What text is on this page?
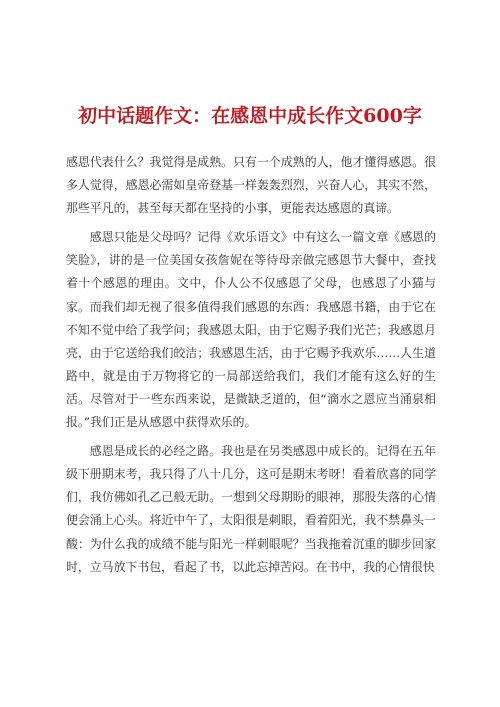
初中话题作文：在感恩中成长作文600字

感恩代表什么？我觉得是成熟。只有一个成熟的人，他才懂得感恩。很多人觉得，感恩必需如皇帝登基一样轰轰烈烈，兴奋人心，其实不然，那些平凡的，甚至每天都在坚持的小事，更能表达感恩的真谛。

感恩只能是父母吗？记得《欢乐语文》中有这么一篇文章《感恩的笑脸》，讲的是一位美国女孩詹妮在等待母亲做完感恩节大餐中，查找着十个感恩的理由。文中，仆人公不仅感恩了父母，也感恩了小猫与家。而我们却无视了很多值得我们感恩的东西：我感恩书籍，由于它在不知不觉中给了我学问；我感恩太阳，由于它赐予我们光芒；我感恩月亮，由于它送给我们皎洁；我感恩生活，由于它赐予我欢乐……人生道路中，就是由于万物将它的一局部送给我们，我们才能有这么好的生活。尽管对于一些东西来说，是微缺乏道的，但“滴水之恩应当涌泉相报。”我们正是从感恩中获得欢乐的。

感恩是成长的必经之路。我也是在另类感恩中成长的。记得在五年级下册期末考，我只得了八十几分，这可是期末考呀！看着欣喜的同学们，我仿佛如孔乙己般无助。一想到父母期盼的眼神，那股失落的心情便会涌上心头。将近中午了，太阳很是刺眼，看着阳光，我不禁鼻头一酸：为什么我的成绩不能与阳光一样刺眼呢？当我拖着沉重的脚步回家时，立马放下书包，看起了书，以此忘掉苦闷。在书中，我的心情很快
